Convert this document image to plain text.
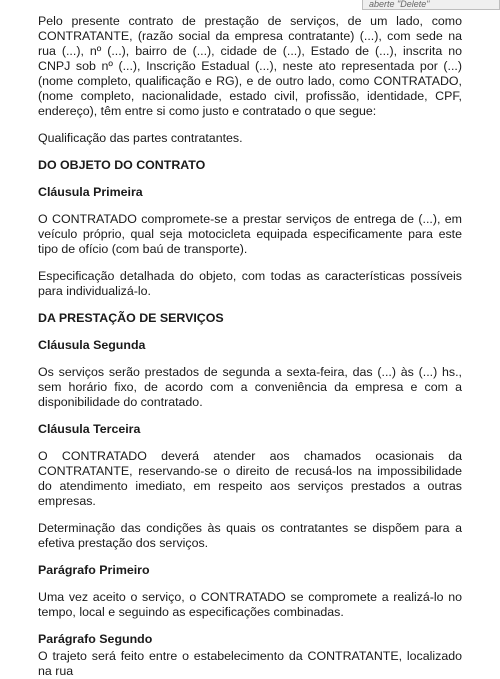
aberte "Delete"

Pelo presente contrato de prestação de serviços, de um lado, como CONTRATANTE, (razão social da empresa contratante) (...), com sede na rua (...), nº (...), bairro de (...), cidade de (...), Estado de (...), inscrita no CNPJ sob nº (...), Inscrição Estadual (...), neste ato representada por (...) (nome completo, qualificação e RG), e de outro lado, como CONTRATADO, (nome completo, nacionalidade, estado civil, profissão, identidade, CPF, endereço), têm entre si como justo e contratado o que segue:

Qualificação das partes contratantes.

DO OBJETO DO CONTRATO
Cláusula Primeira

O CONTRATADO compromete-se a prestar serviços de entrega de (...), em veículo próprio, qual seja motocicleta equipada especificamente para este tipo de ofício (com baú de transporte).

Especificação detalhada do objeto, com todas as características possíveis para individualizá-lo.

DA PRESTAÇÃO DE SERVIÇOS
Cláusula Segunda

Os serviços serão prestados de segunda a sexta-feira, das (...) às (...) hs., sem horário fixo, de acordo com a conveniência da empresa e com a disponibilidade do contratado.

Cláusula Terceira

O CONTRATADO deverá atender aos chamados ocasionais da CONTRATANTE, reservando-se o direito de recusá-los na impossibilidade do atendimento imediato, em respeito aos serviços prestados a outras empresas.

Determinação das condições às quais os contratantes se dispõem para a efetiva prestação dos serviços.

Parágrafo Primeiro

Uma vez aceito o serviço, o CONTRATADO se compromete a realizá-lo no tempo, local e seguindo as especificações combinadas.

Parágrafo Segundo

O trajeto será feito entre o estabelecimento da CONTRATANTE, localizado na rua
